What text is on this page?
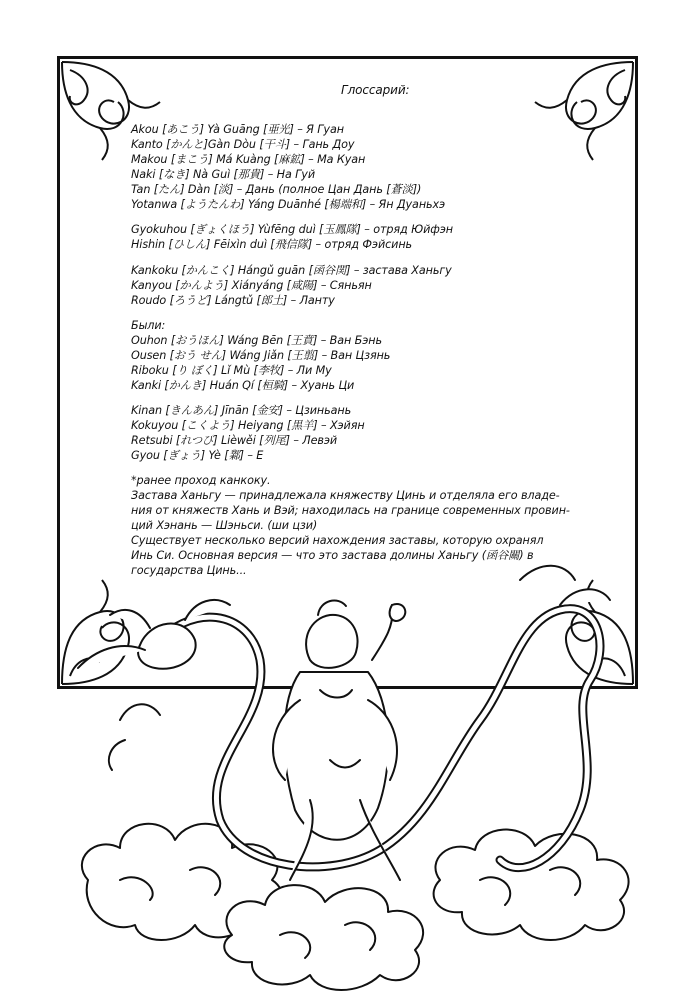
Глоссарий:
Akou [あこう] Yà Guāng [亜光] – Я Гуан
Kanto [かんと]Gàn Dòu [干斗] – Гань Доу
Makou [まこう] Má Kuàng [麻鉱] – Ма Куан
Naki [なき] Nà Guì [那貴] – На Гуй
Tan [たん] Dàn [淡] – Дань (полное Цан Дань [蒼淡])
Yotanwa [ようたんわ] Yáng Duānhé [楊端和] – Ян Дуаньхэ
Gyokuhou [ぎょくほう] Yùfēng duì [玉鳳隊] – отряд Юйфэн
Hishin [ひしん] Fēixìn duì [飛信隊] – отряд Фэйсинь
Kankoku [かんこく] Hángǔ guān [函谷関] – застава Ханьгу
Kanyou [かんよう] Xiányáng [咸陽] – Сяньян
Roudo [ろうど] Lángtǔ [郎土] – Ланту
Были:
Ouhon [おうほん] Wáng Bēn [王賁] – Ван Бэнь
Ousen [おう せん] Wáng Jiǎn [王翦] – Ван Цзянь
Riboku [り ぼく] Lǐ Mù [李牧] – Ли Му
Kanki [かんき] Huán Qí [桓騎] – Хуань Ци
Kinan [きんあん] Jīnān [金安] – Цзиньань
Kokuyou [こくよう] Heiyang [黒羊] – Хэйян
Retsubi [れつび] Lièwěi [列尾] – Левэй
Gyou [ぎょう] Yè [鄴] – Е
*ранее проход канкоку.
Застава Ханьгу — принадлежала княжеству Цинь и отделяла его владе-
ния от княжеств Хань и Вэй; находилась на границе современных провин-
ций Хэнань — Шэньси. (ши цзи)
Существует несколько версий нахождения заставы, которую охранял
Инь Си. Основная версия — что это застава долины Ханьгу (函谷關) в
государства Цинь...
